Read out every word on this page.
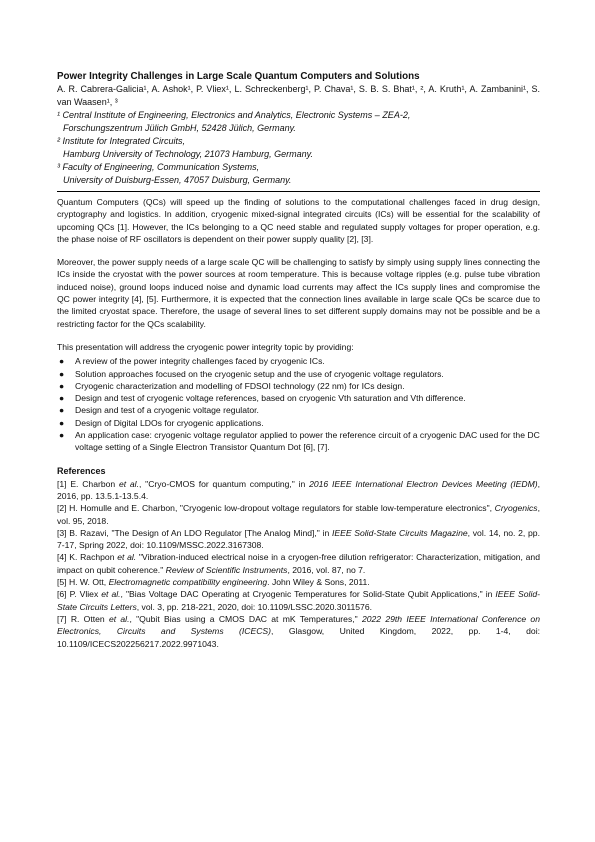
Power Integrity Challenges in Large Scale Quantum Computers and Solutions

A. R. Cabrera-Galicia¹, A. Ashok¹, P. Vliex¹, L. Schreckenberg¹, P. Chava¹, S. B. S. Bhat¹, ², A. Kruth¹, A. Zambanini¹, S. van Waasen¹, ³

¹ Central Institute of Engineering, Electronics and Analytics, Electronic Systems – ZEA-2,

Forschungszentrum Jülich GmbH, 52428 Jülich, Germany.
² Institute for Integrated Circuits,

Hamburg University of Technology, 21073 Hamburg, Germany.
³ Faculty of Engineering, Communication Systems,

University of Duisburg-Essen, 47057 Duisburg, Germany.

Quantum Computers (QCs) will speed up the finding of solutions to the computational challenges faced in drug design, cryptography and logistics. In addition, cryogenic mixed-signal integrated circuits (ICs) will be essential for the scalability of upcoming QCs [1]. However, the ICs belonging to a QC need stable and regulated supply voltages for proper operation, e.g. the phase noise of RF oscillators is dependent on their power supply quality [2], [3].

Moreover, the power supply needs of a large scale QC will be challenging to satisfy by simply using supply lines connecting the ICs inside the cryostat with the power sources at room temperature. This is because voltage ripples (e.g. pulse tube vibration induced noise), ground loops induced noise and dynamic load currents may affect the ICs supply lines and compromise the QC power integrity [4], [5]. Furthermore, it is expected that the connection lines available in large scale QCs be scarce due to the limited cryostat space. Therefore, the usage of several lines to set different supply domains may not be possible and be a restricting factor for the QCs scalability.

This presentation will address the cryogenic power integrity topic by providing:

● A review of the power integrity challenges faced by cryogenic ICs.
● Solution approaches focused on the cryogenic setup and the use of cryogenic voltage regulators.
● Cryogenic characterization and modelling of FDSOI technology (22 nm) for ICs design.
● Design and test of cryogenic voltage references, based on cryogenic Vth saturation and Vth difference.
● Design and test of a cryogenic voltage regulator.
● Design of Digital LDOs for cryogenic applications.
● An application case: cryogenic voltage regulator applied to power the reference circuit of a cryogenic DAC used for the DC voltage setting of a Single Electron Transistor Quantum Dot [6], [7].

References

[1] E. Charbon et al., "Cryo-CMOS for quantum computing," in 2016 IEEE International Electron Devices Meeting (IEDM), 2016, pp. 13.5.1-13.5.4.

[2] H. Homulle and E. Charbon, "Cryogenic low-dropout voltage regulators for stable low-temperature electronics", Cryogenics, vol. 95, 2018.

[3] B. Razavi, "The Design of An LDO Regulator [The Analog Mind]," in IEEE Solid-State Circuits Magazine, vol. 14, no. 2, pp. 7-17, Spring 2022, doi: 10.1109/MSSC.2022.3167308.

[4] K. Rachpon et al. "Vibration-induced electrical noise in a cryogen-free dilution refrigerator: Characterization, mitigation, and impact on qubit coherence." Review of Scientific Instruments, 2016, vol. 87, no 7.

[5] H. W. Ott, Electromagnetic compatibility engineering. John Wiley & Sons, 2011.

[6] P. Vliex et al., "Bias Voltage DAC Operating at Cryogenic Temperatures for Solid-State Qubit Applications," in IEEE Solid-State Circuits Letters, vol. 3, pp. 218-221, 2020, doi: 10.1109/LSSC.2020.3011576.

[7] R. Otten et al., "Qubit Bias using a CMOS DAC at mK Temperatures," 2022 29th IEEE International Conference on Electronics, Circuits and Systems (ICECS), Glasgow, United Kingdom, 2022, pp. 1-4, doi: 10.1109/ICECS202256217.2022.9971043.
